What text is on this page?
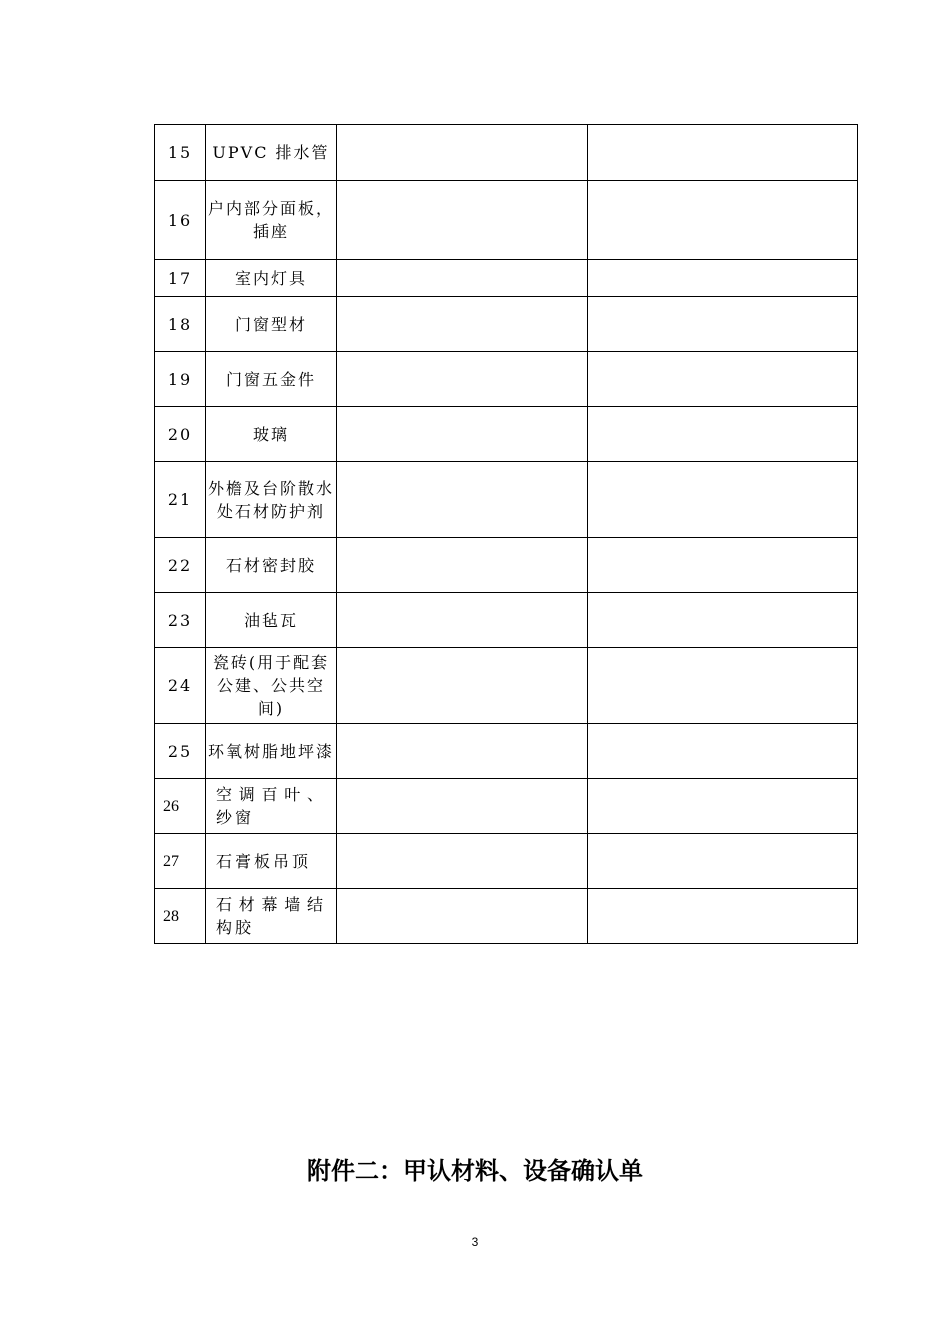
15	UPVC 排水管		
16	户内部分面板，插座		
17	室内灯具		
18	门窗型材		
19	门窗五金件		
20	玻璃		
21	外檐及台阶散水处石材防护剂		
22	石材密封胶		
23	油毡瓦		
24	瓷砖(用于配套公建、公共空间)		
25	环氧树脂地坪漆		
26	空调百叶、纱窗		
27	石膏板吊顶		
28	石材幕墙结构胶		
附件二：甲认材料、设备确认单
3
